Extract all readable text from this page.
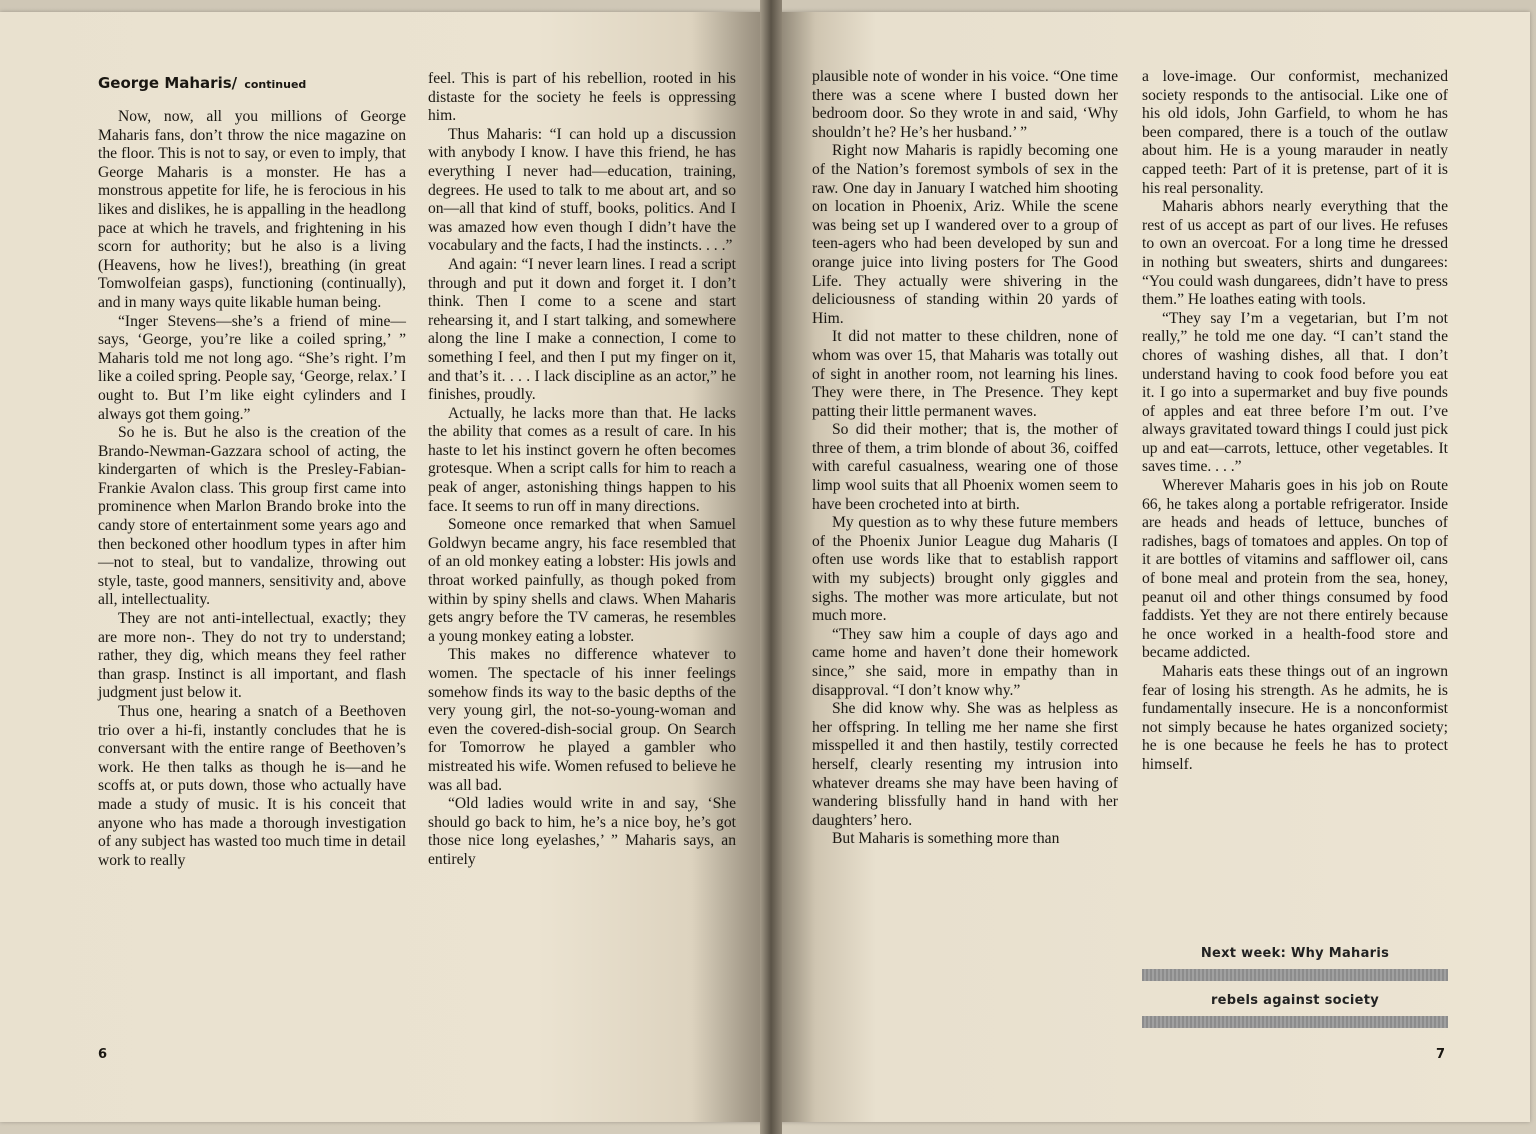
George Maharis/ continued

Now, now, all you millions of George Maharis fans, don’t throw the nice magazine on the floor. This is not to say, or even to imply, that George Maharis is a monster. He has a monstrous appetite for life, he is ferocious in his likes and dislikes, he is appalling in the headlong pace at which he travels, and frightening in his scorn for authority; but he also is a living (Heavens, how he lives!), breathing (in great Tomwolfeian gasps), functioning (continually), and in many ways quite likable human being.

“Inger Stevens—she’s a friend of mine—says, ‘George, you’re like a coiled spring,’ ” Maharis told me not long ago. “She’s right. I’m like a coiled spring. People say, ‘George, relax.’ I ought to. But I’m like eight cylinders and I always got them going.”

So he is. But he also is the creation of the Brando-Newman-Gazzara school of acting, the kindergarten of which is the Presley-Fabian-Frankie Avalon class. This group first came into prominence when Marlon Brando broke into the candy store of entertainment some years ago and then beckoned other hoodlum types in after him—not to steal, but to vandalize, throwing out style, taste, good manners, sensitivity and, above all, intellectuality.

They are not anti-intellectual, exactly; they are more non-. They do not try to understand; rather, they dig, which means they feel rather than grasp. Instinct is all important, and flash judgment just below it.

Thus one, hearing a snatch of a Beethoven trio over a hi-fi, instantly concludes that he is conversant with the entire range of Beethoven’s work. He then talks as though he is—and he scoffs at, or puts down, those who actually have made a study of music. It is his conceit that anyone who has made a thorough investigation of any subject has wasted too much time in detail work to really

feel. This is part of his rebellion, rooted in his distaste for the society he feels is oppressing him.

Thus Maharis: “I can hold up a discussion with anybody I know. I have this friend, he has everything I never had—education, training, degrees. He used to talk to me about art, and so on—all that kind of stuff, books, politics. And I was amazed how even though I didn’t have the vocabulary and the facts, I had the instincts. . . .”

And again: “I never learn lines. I read a script through and put it down and forget it. I don’t think. Then I come to a scene and start rehearsing it, and I start talking, and somewhere along the line I make a connection, I come to something I feel, and then I put my finger on it, and that’s it. . . . I lack discipline as an actor,” he finishes, proudly.

Actually, he lacks more than that. He lacks the ability that comes as a result of care. In his haste to let his instinct govern he often becomes grotesque. When a script calls for him to reach a peak of anger, astonishing things happen to his face. It seems to run off in many directions.

Someone once remarked that when Samuel Goldwyn became angry, his face resembled that of an old monkey eating a lobster: His jowls and throat worked painfully, as though poked from within by spiny shells and claws. When Maharis gets angry before the TV cameras, he resembles a young monkey eating a lobster.

This makes no difference whatever to women. The spectacle of his inner feelings somehow finds its way to the basic depths of the very young girl, the not-so-young-woman and even the covered-dish-social group. On Search for Tomorrow he played a gambler who mistreated his wife. Women refused to believe he was all bad.

“Old ladies would write in and say, ‘She should go back to him, he’s a nice boy, he’s got those nice long eyelashes,’ ” Maharis says, an entirely

6

plausible note of wonder in his voice. “One time there was a scene where I busted down her bedroom door. So they wrote in and said, ‘Why shouldn’t he? He’s her husband.’ ”

Right now Maharis is rapidly becoming one of the Nation’s foremost symbols of sex in the raw. One day in January I watched him shooting on location in Phoenix, Ariz. While the scene was being set up I wandered over to a group of teen-agers who had been developed by sun and orange juice into living posters for The Good Life. They actually were shivering in the deliciousness of standing within 20 yards of Him.

It did not matter to these children, none of whom was over 15, that Maharis was totally out of sight in another room, not learning his lines. They were there, in The Presence. They kept patting their little permanent waves.

So did their mother; that is, the mother of three of them, a trim blonde of about 36, coiffed with careful casualness, wearing one of those limp wool suits that all Phoenix women seem to have been crocheted into at birth.

My question as to why these future members of the Phoenix Junior League dug Maharis (I often use words like that to establish rapport with my subjects) brought only giggles and sighs. The mother was more articulate, but not much more.

“They saw him a couple of days ago and came home and haven’t done their homework since,” she said, more in empathy than in disapproval. “I don’t know why.”

She did know why. She was as helpless as her offspring. In telling me her name she first misspelled it and then hastily, testily corrected herself, clearly resenting my intrusion into whatever dreams she may have been having of wandering blissfully hand in hand with her daughters’ hero.

But Maharis is something more than

a love-image. Our conformist, mechanized society responds to the antisocial. Like one of his old idols, John Garfield, to whom he has been compared, there is a touch of the outlaw about him. He is a young marauder in neatly capped teeth: Part of it is pretense, part of it is his real personality.

Maharis abhors nearly everything that the rest of us accept as part of our lives. He refuses to own an overcoat. For a long time he dressed in nothing but sweaters, shirts and dungarees: “You could wash dungarees, didn’t have to press them.” He loathes eating with tools.

“They say I’m a vegetarian, but I’m not really,” he told me one day. “I can’t stand the chores of washing dishes, all that. I don’t understand having to cook food before you eat it. I go into a supermarket and buy five pounds of apples and eat three before I’m out. I’ve always gravitated toward things I could just pick up and eat—carrots, lettuce, other vegetables. It saves time. . . .”

Wherever Maharis goes in his job on Route 66, he takes along a portable refrigerator. Inside are heads and heads of lettuce, bunches of radishes, bags of tomatoes and apples. On top of it are bottles of vitamins and safflower oil, cans of bone meal and protein from the sea, honey, peanut oil and other things consumed by food faddists. Yet they are not there entirely because he once worked in a health-food store and became addicted.

Maharis eats these things out of an ingrown fear of losing his strength. As he admits, he is fundamentally insecure. He is a nonconformist not simply because he hates organized society; he is one because he feels he has to protect himself.

Next week: Why Maharis
rebels against society
7
